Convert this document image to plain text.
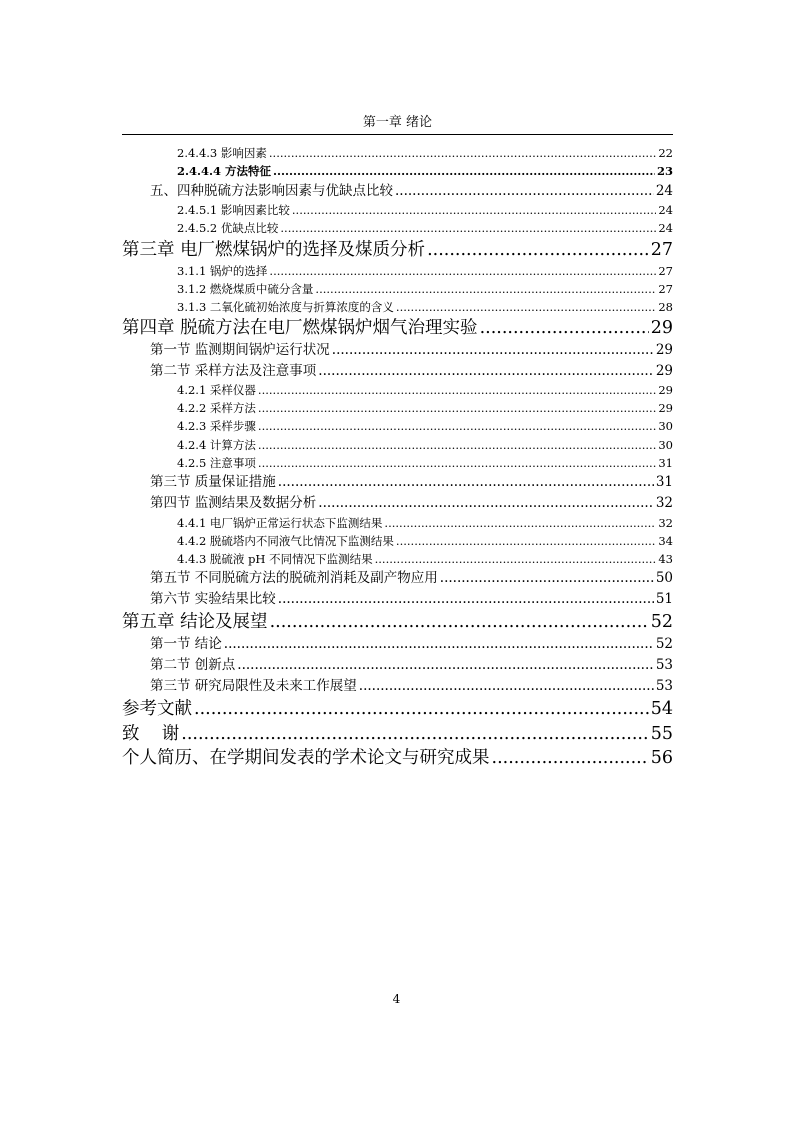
第一章 绪论
2.4.4.3 影响因素 .....	22
2.4.4.4 方法特征 .....	23
五、四种脱硫方法影响因素与优缺点比较 .....	24
2.4.5.1 影响因素比较 .....	24
2.4.5.2 优缺点比较 .....	24
第三章 电厂燃煤锅炉的选择及煤质分析 .....	27
3.1.1 锅炉的选择 .....	27
3.1.2 燃烧煤质中硫分含量 .....	27
3.1.3 二氧化硫初始浓度与折算浓度的含义 .....	28
第四章 脱硫方法在电厂燃煤锅炉烟气治理实验 .....	29
第一节 监测期间锅炉运行状况 .....	29
第二节 采样方法及注意事项 .....	29
4.2.1 采样仪器 .....	29
4.2.2 采样方法 .....	29
4.2.3 采样步骤 .....	30
4.2.4 计算方法 .....	30
4.2.5 注意事项 .....	31
第三节 质量保证措施 .....	31
第四节 监测结果及数据分析 .....	32
4.4.1 电厂锅炉正常运行状态下监测结果 .....	32
4.4.2 脱硫塔内不同液气比情况下监测结果 .....	34
4.4.3 脱硫液 pH 不同情况下监测结果 .....	43
第五节 不同脱硫方法的脱硫剂消耗及副产物应用 .....	50
第六节 实验结果比较 .....	51
第五章 结论及展望 .....	52
第一节 结论 .....	52
第二节 创新点 .....	53
第三节 研究局限性及未来工作展望 .....	53
参考文献 .....	54
致    谢 .....	55
个人简历、在学期间发表的学术论文与研究成果 .....	56
4
